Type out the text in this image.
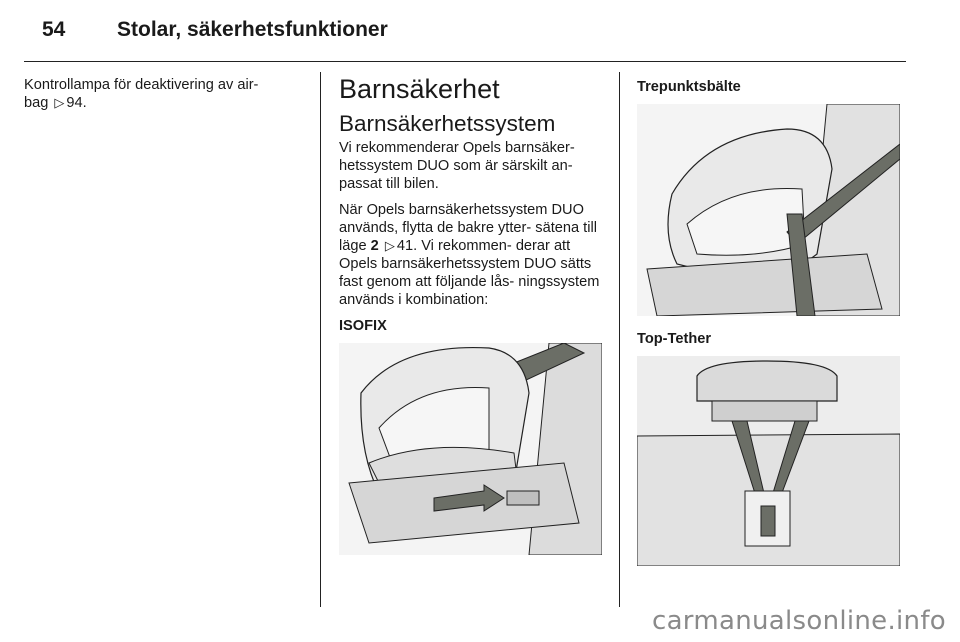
54 Stolar, säkerhetsfunktioner
Kontrollampa för deaktivering av air-
bag ▷ 94.	Barnsäkerhet
Barnsäkerhetssystem

Vi rekommenderar Opels barnsäker- hetssystem DUO som är särskilt an- passat till bilen.

När Opels barnsäkerhetssystem DUO används, flytta de bakre ytter- sätena till läge 2 ▷ 41. Vi rekommen- derar att Opels barnsäkerhetssystem DUO sätts fast genom att följande lås- ningssystem används i kombination:

ISOFIX
Trepunktsbälte
Top-Tether
carmanualsonline.info
